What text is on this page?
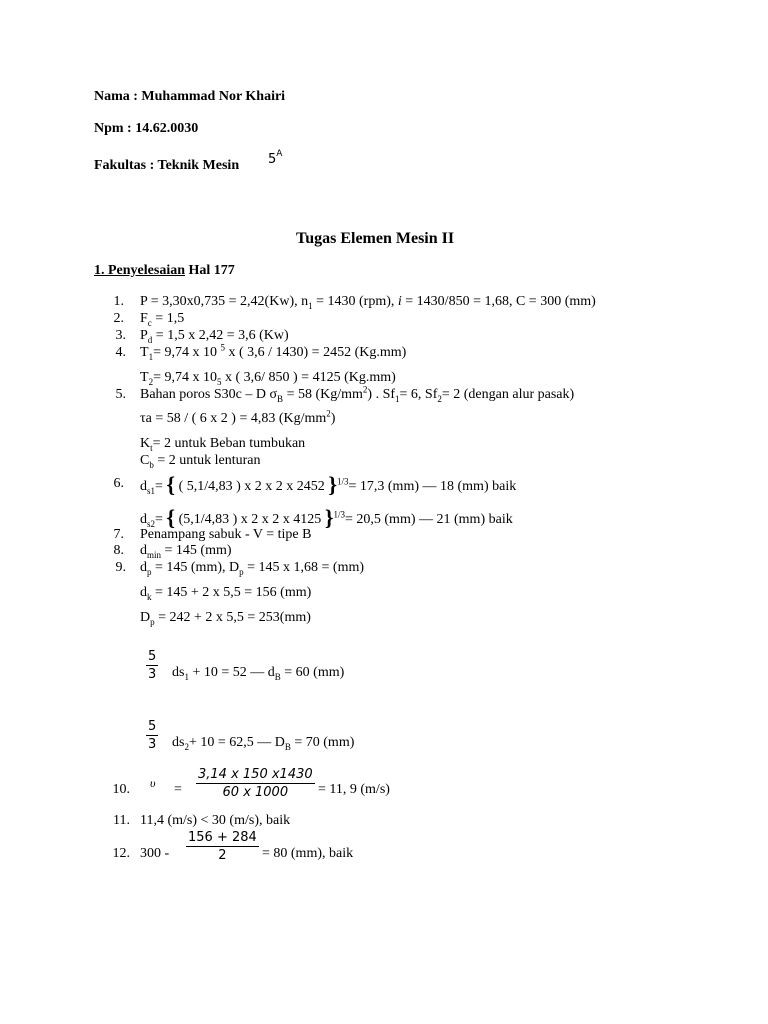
Nama : Muhammad Nor Khairi
Npm : 14.62.0030
Fakultas : Teknik Mesin $5^A$
Tugas Elemen Mesin II
1. Penyelesaian Hal 177
1. P = 3,30x0,735 = 2,42(Kw), $n_1 = 1430$ (rpm), i = 1430/850 = 1,68, C = 300 (mm)
2. $F_c = 1,5$
3. $P_d = 1,5$ x 2,42 = 3,6 (Kw)
4. $T_1= 9,74$ x 10 $^5$ x ( 3,6 / 1430) = 2452 (Kg.mm)
$T_2= 9,74$ x $10_5$ x ( 3,6/ 850 ) = 4125 (Kg.mm)
5. Bahan poros S30c – D $\sigma_B = 58$ $(Kg/mm^2)$ . $Sf_1= 6$, $Sf_2= 2$ (dengan alur pasak)
τa = 58 / ( 6 x 2 ) = 4,83 $(Kg/mm^2)$
$K_t= 2$ untuk Beban tumbukan
$C_b = 2$ untuk lenturan
6. $d_{s1}=$ { ( 5,1/4,83 ) x 2 x 2 x 2452 }$^{1/3}$= 17,3 (mm) — 18 (mm) baik
$d_{s2}=$ { (5,1/4,83 ) x 2 x 2 x 4125 }$^{1/3}$= 20,5 (mm) — 21 (mm) baik
7. Penampang sabuk - V = tipe B
8. $d_{min} = 145$ (mm)
9. $d_p = 145$ (mm), $D_p = 145$ x 1,68 = (mm)
$d_k = 145 + 2$ x 5,5 = 156 (mm)
$D_p = 242 + 2$ x 5,5 = 253(mm)
$\frac{5}{3} ds_1 + 10 = 52$ — $d_B = 60$ (mm)
$\frac{5}{3} ds_2+ 10 = 62,5$ — $D_B = 70$ (mm)
10. $\upsilon = \frac{3,14 x 150 x1430}{60 x 1000} = 11$, 9 (m/s)
11. 11,4 (m/s) < 30 (m/s), baik
12. $300 - \frac{156 + 284}{2} = 80$ (mm), baik
